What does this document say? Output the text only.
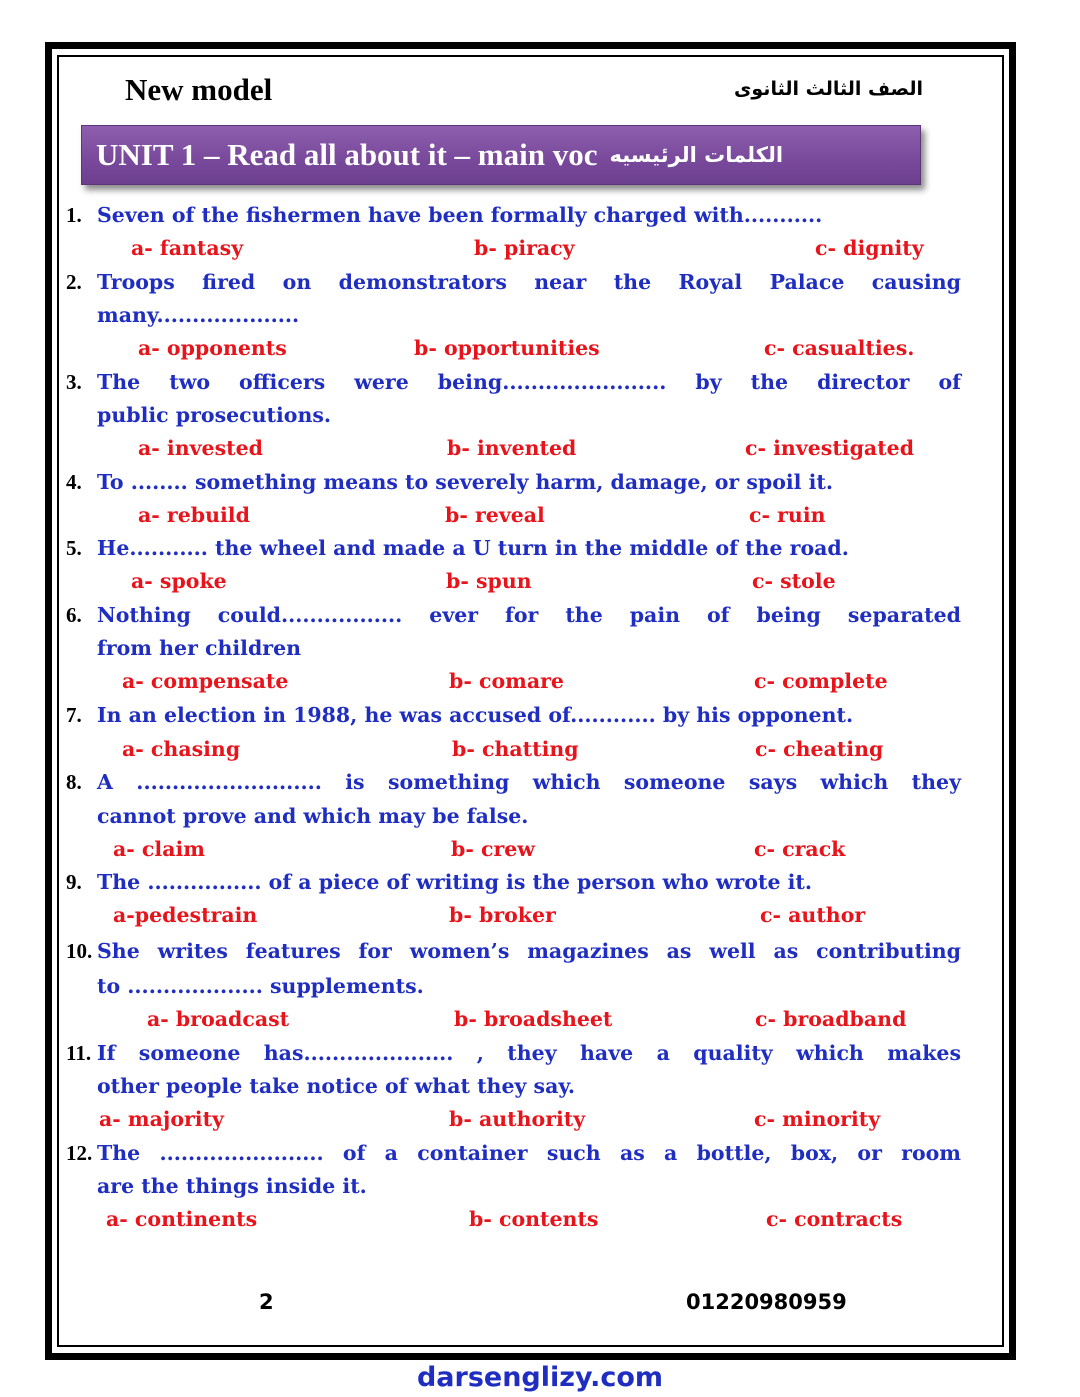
New model	الصف الثالث الثانوى
UNIT 1 – Read all about it – main voc الكلمات الرئيسيه
1. Seven of the fishermen have been formally charged with...........
a- fantasy	b- piracy	c- dignity
2. Troops fired on demonstrators near the Royal Palace causing
many....................
a- opponents	b- opportunities	c- casualties.
3. The two officers were being....................... by the director of
public prosecutions.
a- invested	b- invented	c- investigated
4. To ........ something means to severely harm, damage, or spoil it.
a- rebuild	b- reveal	c- ruin
5. He........... the wheel and made a U turn in the middle of the road.
a- spoke	b- spun	c- stole
6. Nothing could................. ever for the pain of being separated
from her children
a- compensate	b- comare	c- complete
7. In an election in 1988, he was accused of............ by his opponent.
a- chasing	b- chatting	c- cheating
8. A .......................... is something which someone says which they
cannot prove and which may be false.
a- claim	b- crew	c- crack
9. The ................ of a piece of writing is the person who wrote it.
a-pedestrain	b- broker	c- author
10. She writes features for women’s magazines as well as contributing
to ................... supplements.
a- broadcast	b- broadsheet	c- broadband
11. If someone has..................... , they have a quality which makes
other people take notice of what they say.
a- majority	b- authority	c- minority
12. The ....................... of a container such as a bottle, box, or room
are the things inside it.
a- continents	b- contents	c- contracts
2	01220980959
darsenglizy.com
